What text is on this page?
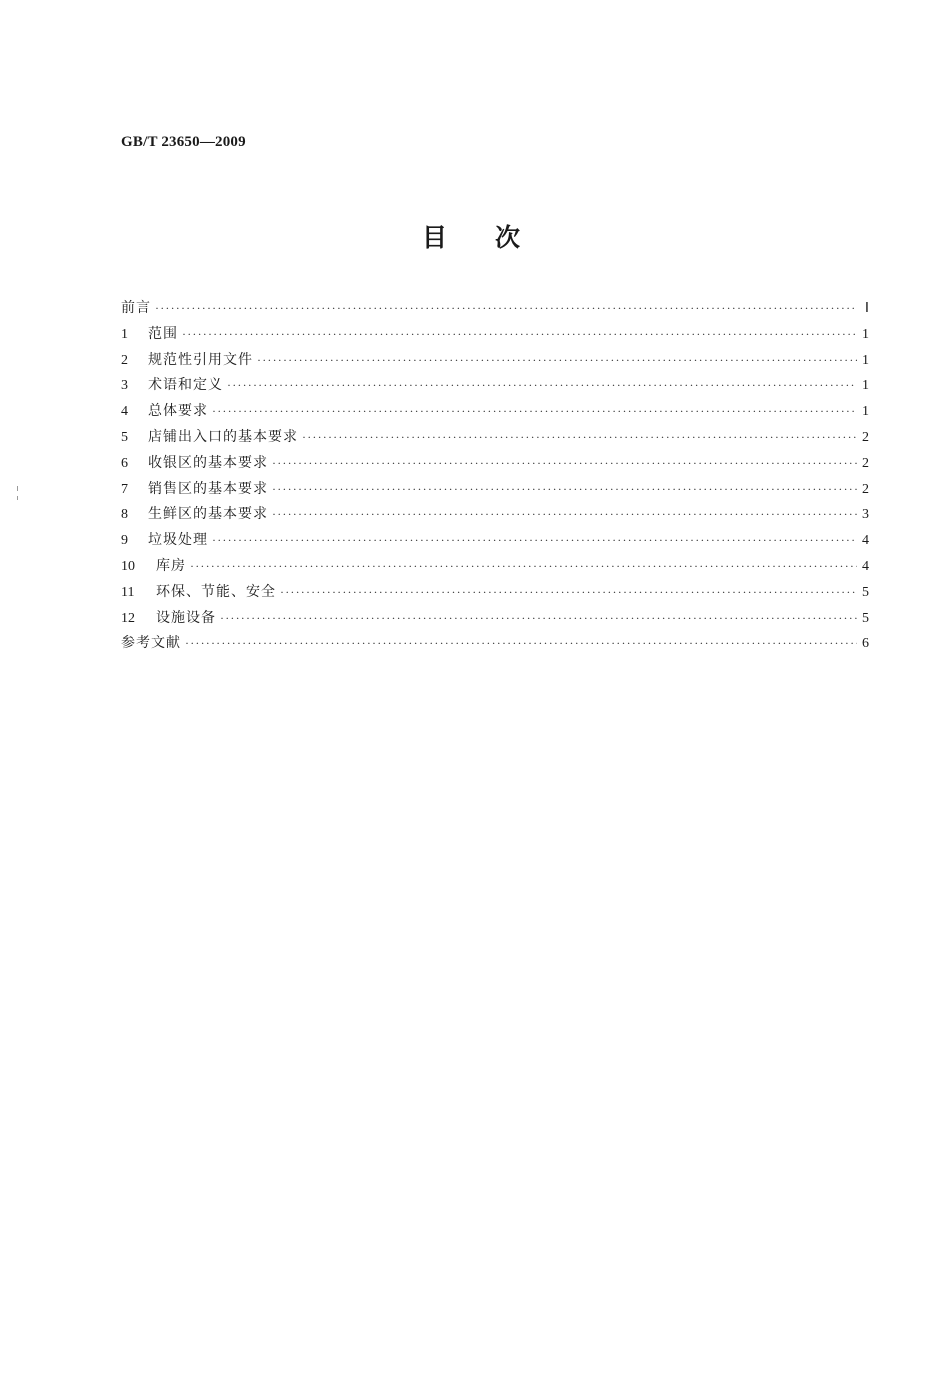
GB/T 23650—2009
目次
前言 ·····	Ⅰ
1	范围 ·····	1
2	规范性引用文件 ·····	1
3	术语和定义 ·····	1
4	总体要求 ·····	1
5	店铺出入口的基本要求 ·····	2
6	收银区的基本要求 ·····	2
7	销售区的基本要求 ·····	2
8	生鲜区的基本要求 ·····	3
9	垃圾处理 ·····	4
10	库房 ·····	4
11	环保、节能、安全 ·····	5
12	设施设备 ·····	5
参考文献 ·····	6
